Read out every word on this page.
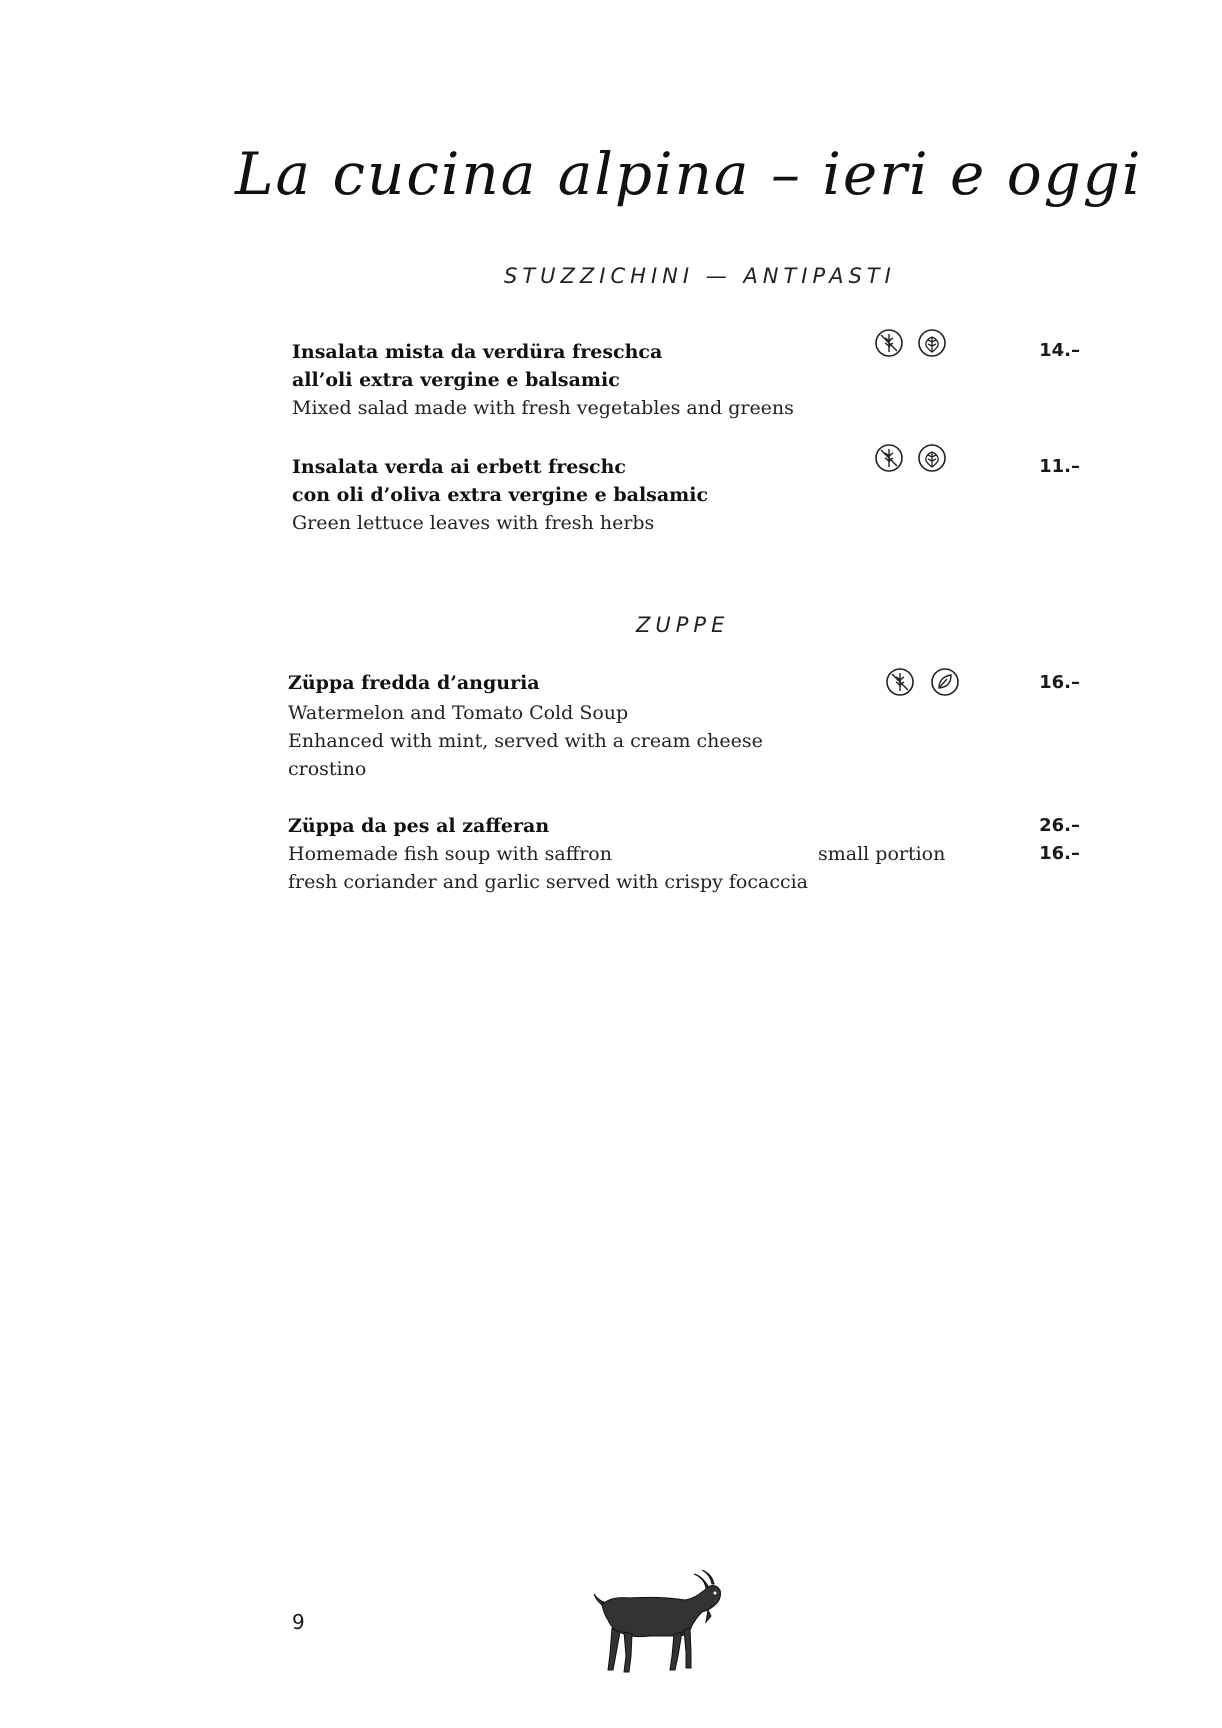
La cucina alpina – ieri e oggi
STUZZICHINI — ANTIPASTI
Insalata mista da verdüra freschca
all’oli extra vergine e balsamic
Mixed salad made with fresh vegetables and greens
14.–
Insalata verda ai erbett freschc
con oli d’oliva extra vergine e balsamic
Green lettuce leaves with fresh herbs
11.–
ZUPPE
Züppa fredda d’anguria
Watermelon and Tomato Cold Soup
Enhanced with mint, served with a cream cheese
crostino
16.–
Züppa da pes al zafferan
Homemade fish soup with saffron
fresh coriander and garlic served with crispy focaccia
small portion
26.–
16.–
9
